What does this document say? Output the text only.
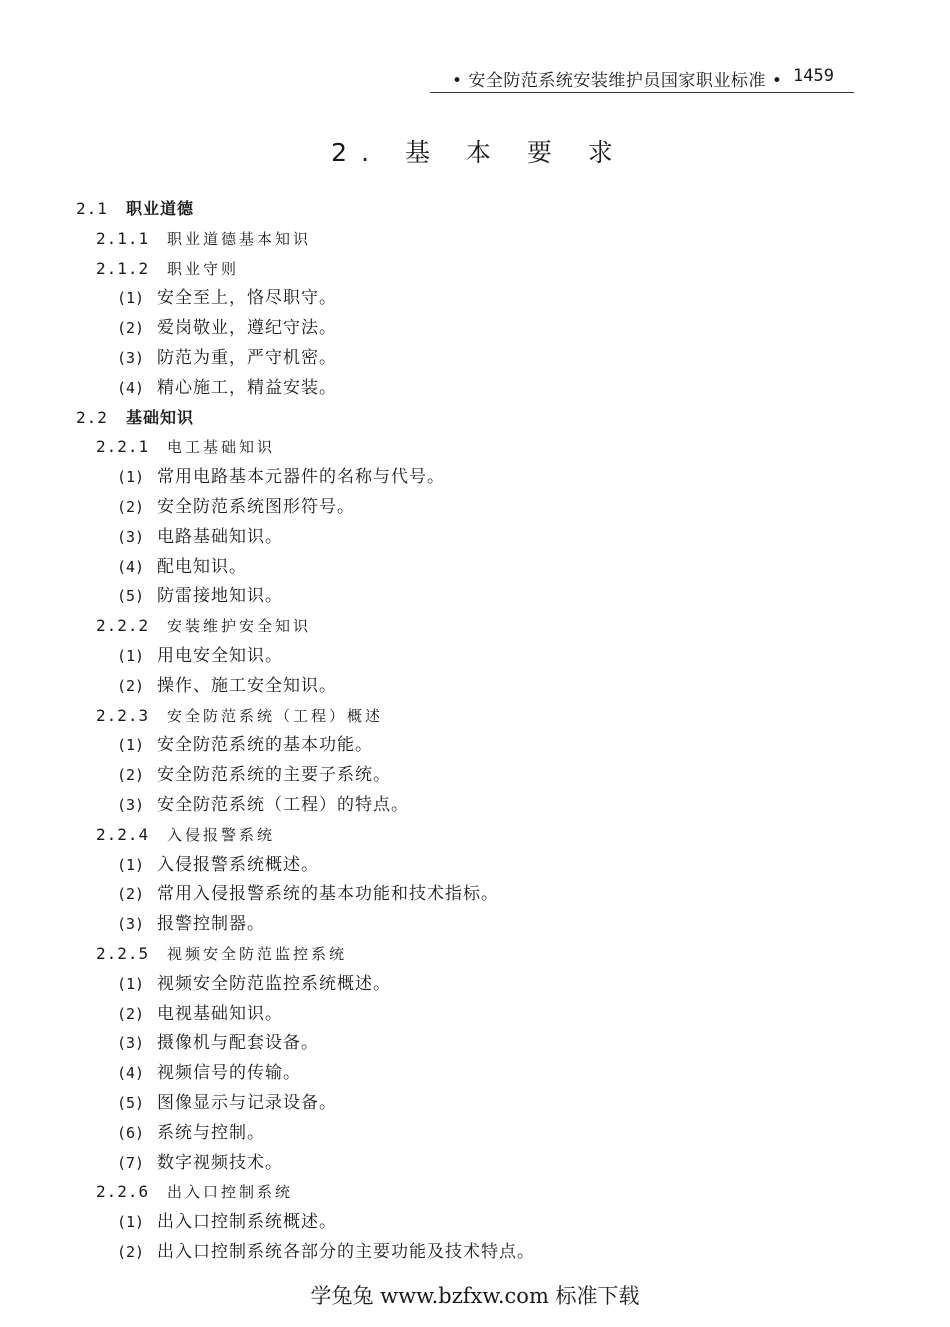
• 安全防范系统安装维护员国家职业标准 • 1459
2. 基 本 要 求
2.1 职业道德
2.1.1 职业道德基本知识
2.1.2 职业守则
(1) 安全至上，恪尽职守。
(2) 爱岗敬业，遵纪守法。
(3) 防范为重，严守机密。
(4) 精心施工，精益安装。
2.2 基础知识
2.2.1 电工基础知识
(1) 常用电路基本元器件的名称与代号。
(2) 安全防范系统图形符号。
(3) 电路基础知识。
(4) 配电知识。
(5) 防雷接地知识。
2.2.2 安装维护安全知识
(1) 用电安全知识。
(2) 操作、施工安全知识。
2.2.3 安全防范系统（工程）概述
(1) 安全防范系统的基本功能。
(2) 安全防范系统的主要子系统。
(3) 安全防范系统（工程）的特点。
2.2.4 入侵报警系统
(1) 入侵报警系统概述。
(2) 常用入侵报警系统的基本功能和技术指标。
(3) 报警控制器。
2.2.5 视频安全防范监控系统
(1) 视频安全防范监控系统概述。
(2) 电视基础知识。
(3) 摄像机与配套设备。
(4) 视频信号的传输。
(5) 图像显示与记录设备。
(6) 系统与控制。
(7) 数字视频技术。
2.2.6 出入口控制系统
(1) 出入口控制系统概述。
(2) 出入口控制系统各部分的主要功能及技术特点。
学兔兔 www.bzfxw.com 标准下载
